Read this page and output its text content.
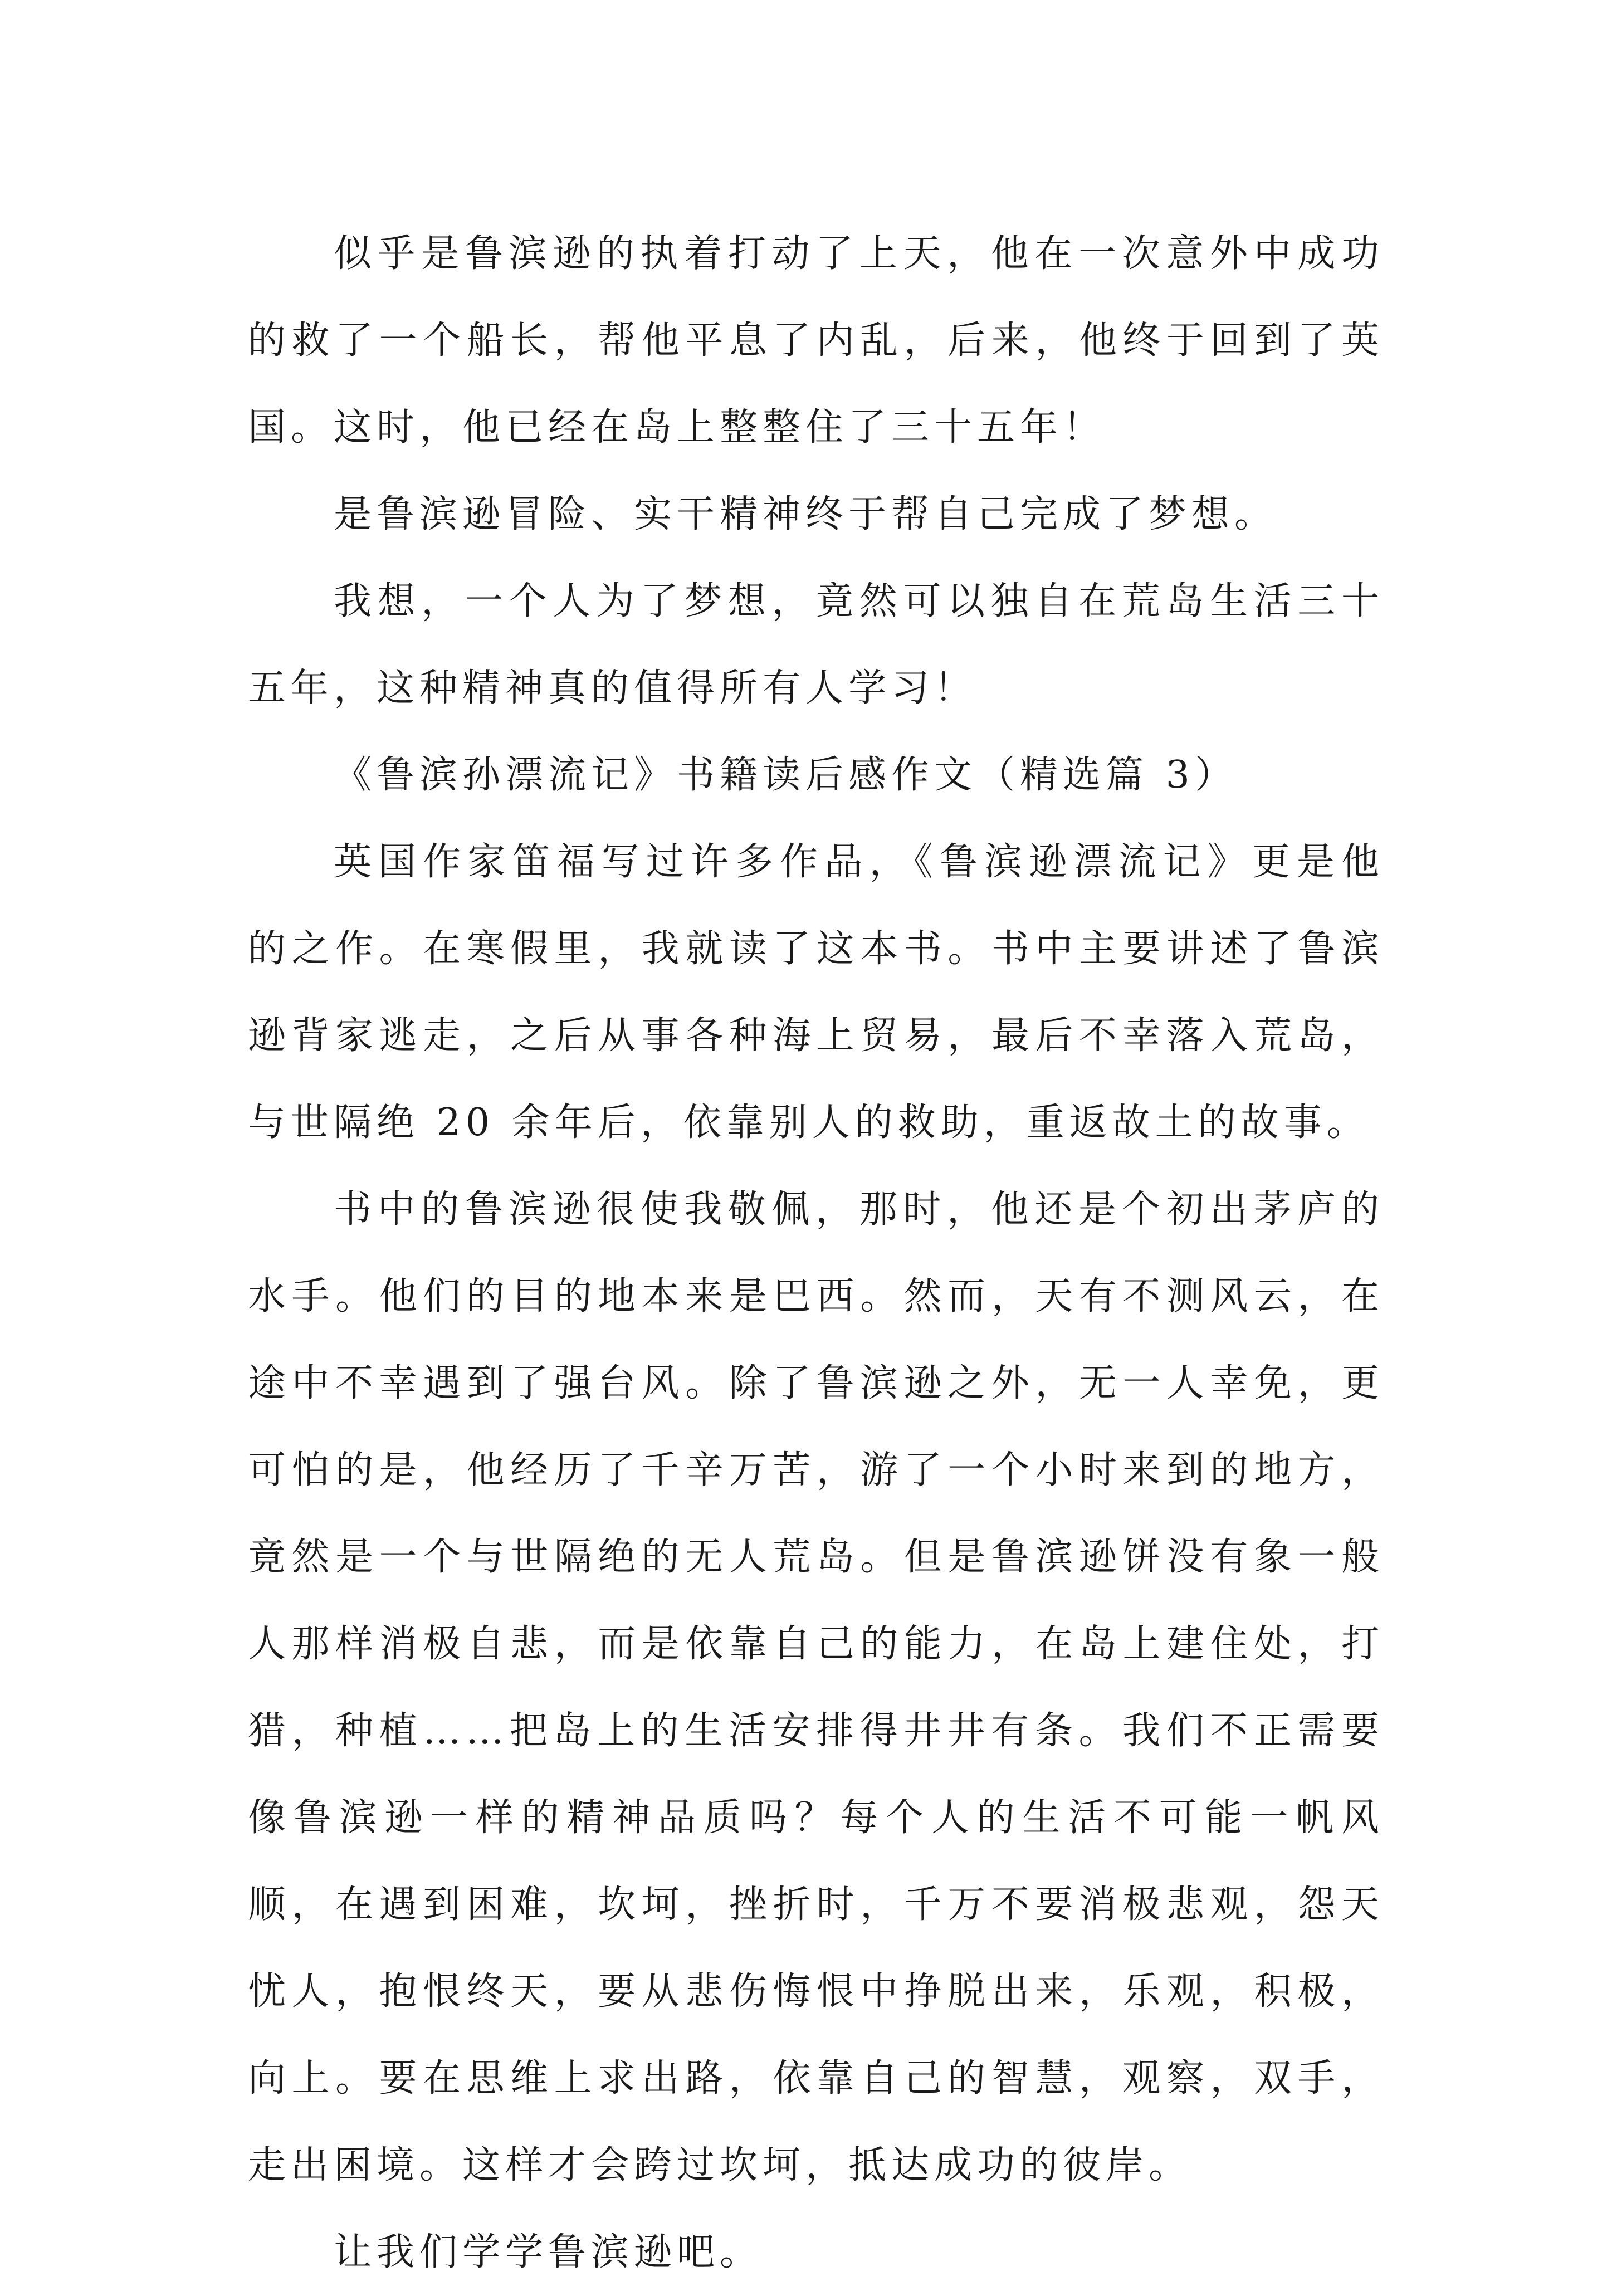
似乎是鲁滨逊的执着打动了上天，他在一次意外中成功的救了一个船长，帮他平息了内乱，后来，他终于回到了英国。这时，他已经在岛上整整住了三十五年！

是鲁滨逊冒险、实干精神终于帮自己完成了梦想。

我想，一个人为了梦想，竟然可以独自在荒岛生活三十五年，这种精神真的值得所有人学习！

《鲁滨孙漂流记》书籍读后感作文（精选篇 3）

英国作家笛福写过许多作品，《鲁滨逊漂流记》更是他的之作。在寒假里，我就读了这本书。书中主要讲述了鲁滨逊背家逃走，之后从事各种海上贸易，最后不幸落入荒岛，与世隔绝 20 余年后，依靠别人的救助，重返故土的故事。

书中的鲁滨逊很使我敬佩，那时，他还是个初出茅庐的水手。他们的目的地本来是巴西。然而，天有不测风云，在途中不幸遇到了强台风。除了鲁滨逊之外，无一人幸免，更可怕的是，他经历了千辛万苦，游了一个小时来到的地方，竟然是一个与世隔绝的无人荒岛。但是鲁滨逊饼没有象一般人那样消极自悲，而是依靠自己的能力，在岛上建住处，打猎，种植……把岛上的生活安排得井井有条。我们不正需要像鲁滨逊一样的精神品质吗？每个人的生活不可能一帆风顺，在遇到困难，坎坷，挫折时，千万不要消极悲观，怨天忧人，抱恨终天，要从悲伤悔恨中挣脱出来，乐观，积极，向上。要在思维上求出路，依靠自己的智慧，观察，双手，走出困境。这样才会跨过坎坷，抵达成功的彼岸。

让我们学学鲁滨逊吧。
